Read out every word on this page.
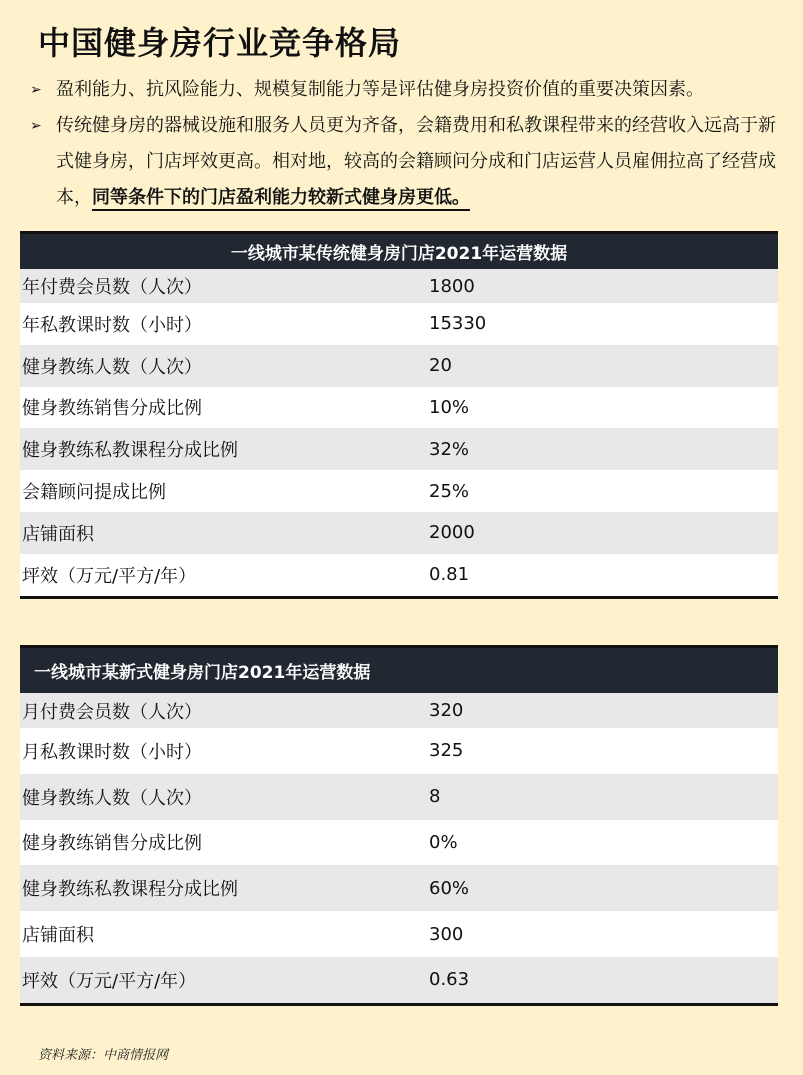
中国健身房行业竞争格局
➢ 盈利能力、抗风险能力、规模复制能力等是评估健身房投资价值的重要决策因素。
➢ 传统健身房的器械设施和服务人员更为齐备，会籍费用和私教课程带来的经营收入远高于新式健身房，门店坪效更高。相对地，较高的会籍顾问分成和门店运营人员雇佣拉高了经营成本，同等条件下的门店盈利能力较新式健身房更低。
一线城市某传统健身房门店2021年运营数据
年付费会员数（人次）	1800
年私教课时数（小时）	15330
健身教练人数（人次）	20
健身教练销售分成比例	10%
健身教练私教课程分成比例	32%
会籍顾问提成比例	25%
店铺面积	2000
坪效（万元/平方/年）	0.81
一线城市某新式健身房门店2021年运营数据
月付费会员数（人次）	320
月私教课时数（小时）	325
健身教练人数（人次）	8
健身教练销售分成比例	0%
健身教练私教课程分成比例	60%
店铺面积	300
坪效（万元/平方/年）	0.63
资料来源：中商情报网
